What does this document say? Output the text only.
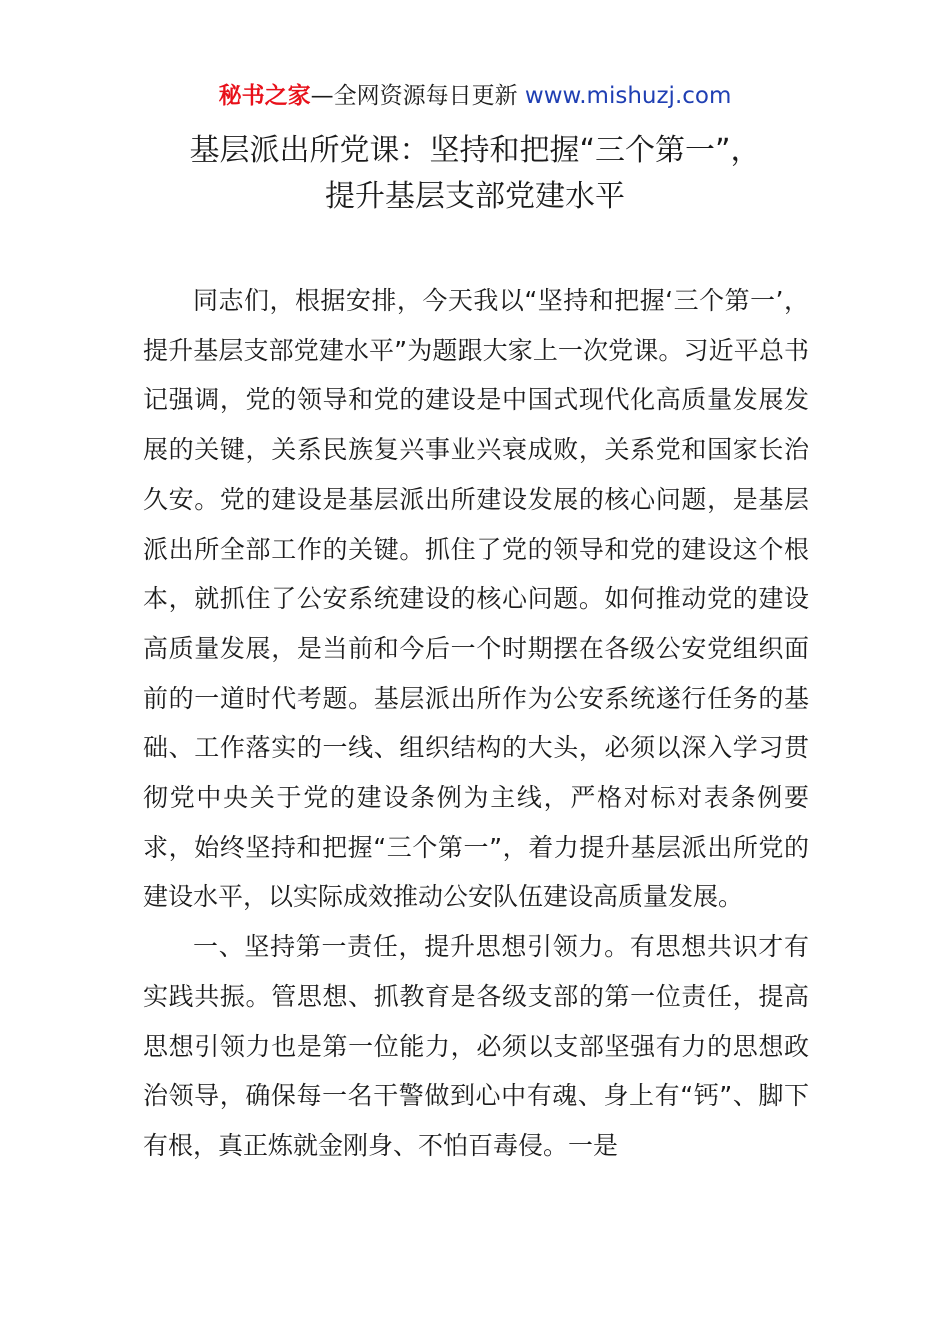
秘书之家—全网资源每日更新 www.mishuzj.com
基层派出所党课：坚持和把握“三个第一”，
提升基层支部党建水平

同志们，根据安排，今天我以“坚持和把握‘三个第一’，提升基层支部党建水平”为题跟大家上一次党课。习近平总书记强调，党的领导和党的建设是中国式现代化高质量发展发展的关键，关系民族复兴事业兴衰成败，关系党和国家长治久安。党的建设是基层派出所建设发展的核心问题，是基层派出所全部工作的关键。抓住了党的领导和党的建设这个根本，就抓住了公安系统建设的核心问题。如何推动党的建设高质量发展，是当前和今后一个时期摆在各级公安党组织面前的一道时代考题。基层派出所作为公安系统遂行任务的基础、工作落实的一线、组织结构的大头，必须以深入学习贯彻党中央关于党的建设条例为主线，严格对标对表条例要求，始终坚持和把握“三个第一”，着力提升基层派出所党的建设水平，以实际成效推动公安队伍建设高质量发展。

一、坚持第一责任，提升思想引领力。有思想共识才有实践共振。管思想、抓教育是各级支部的第一位责任，提高思想引领力也是第一位能力，必须以支部坚强有力的思想政治领导，确保每一名干警做到心中有魂、身上有“钙”、脚下有根，真正炼就金刚身、不怕百毒侵。一是
